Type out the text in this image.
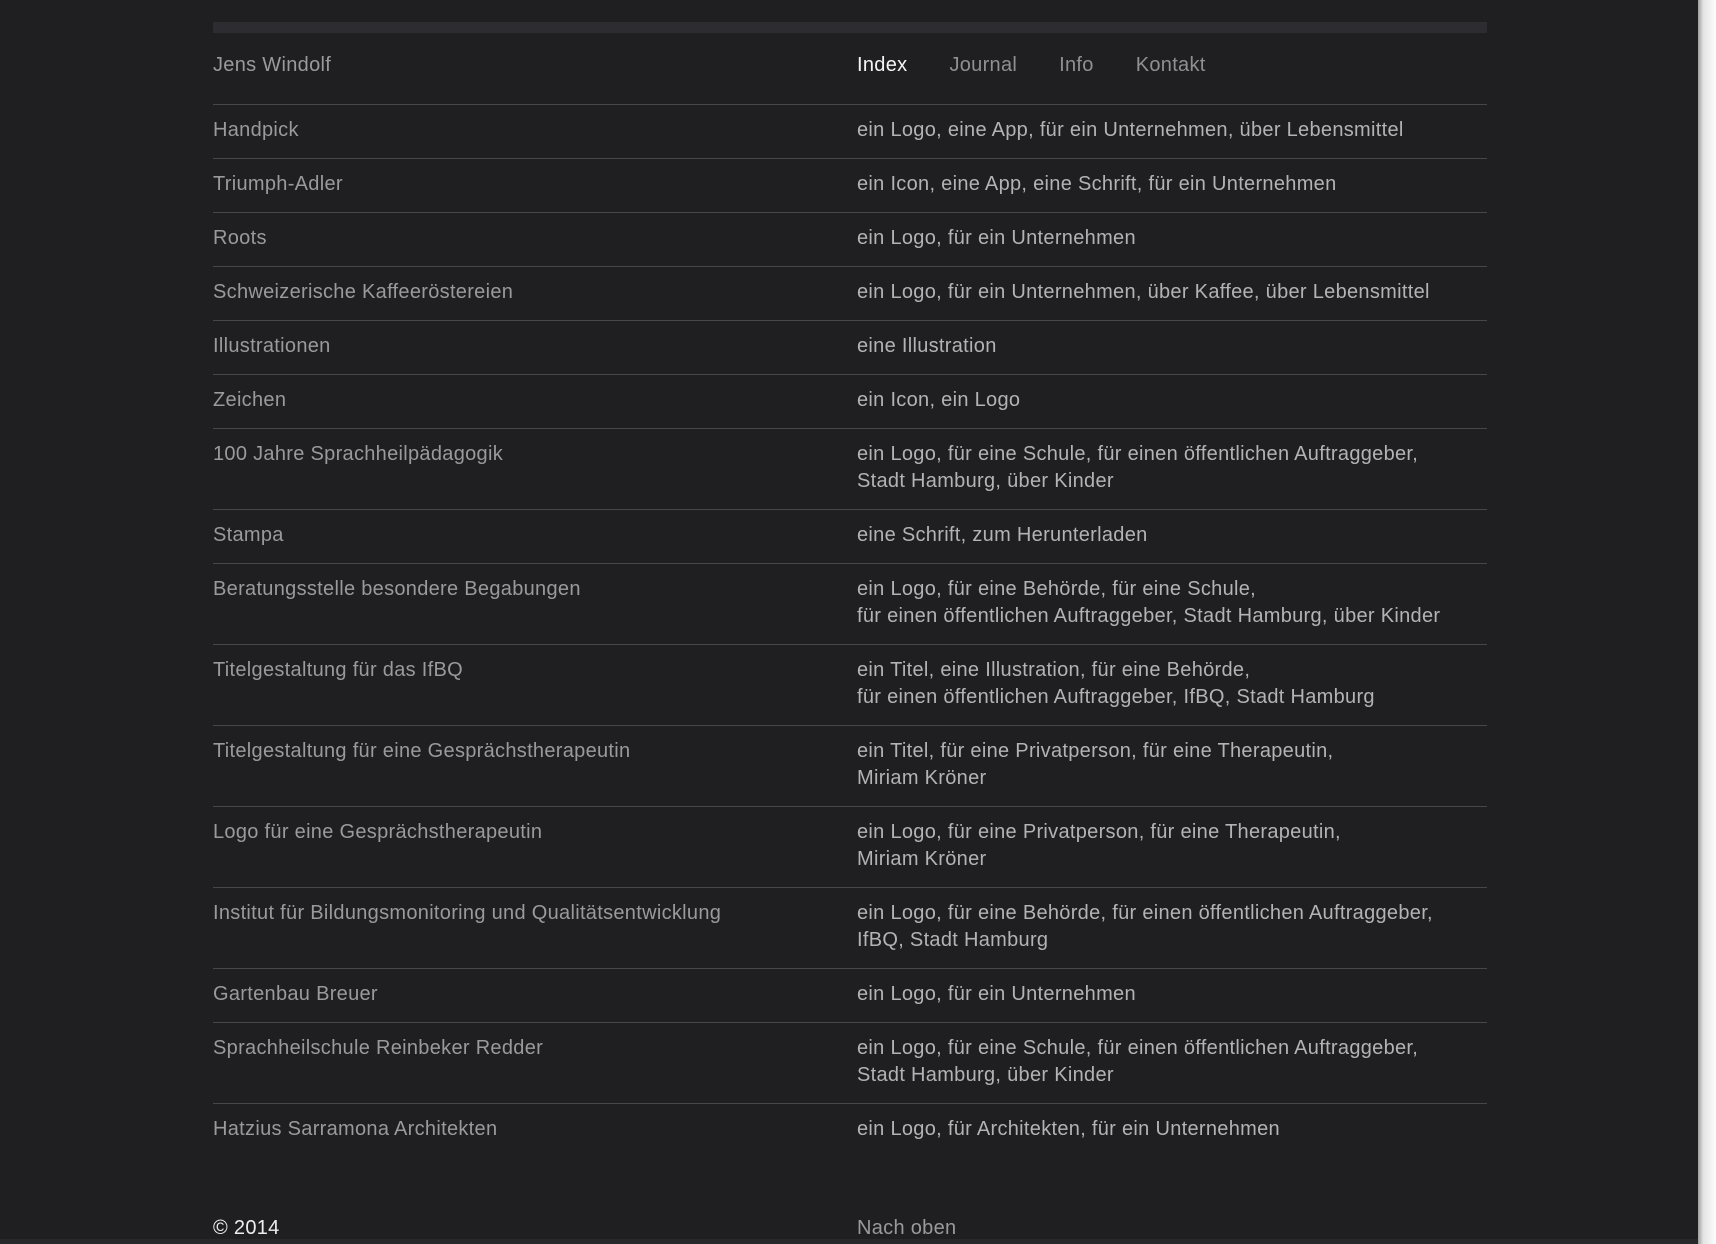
Jens Windolf	Index Journal Info Kontakt
Handpick	ein Logo, eine App, für ein Unternehmen, über Lebensmittel
Triumph-Adler	ein Icon, eine App, eine Schrift, für ein Unternehmen
Roots	ein Logo, für ein Unternehmen
Schweizerische Kaffeeröstereien	ein Logo, für ein Unternehmen, über Kaffee, über Lebensmittel
Illustrationen	eine Illustration
Zeichen	ein Icon, ein Logo
100 Jahre Sprachheilpädagogik	ein Logo, für eine Schule, für einen öffentlichen Auftraggeber,
Stadt Hamburg, über Kinder
Stampa	eine Schrift, zum Herunterladen
Beratungsstelle besondere Begabungen	ein Logo, für eine Behörde, für eine Schule,
für einen öffentlichen Auftraggeber, Stadt Hamburg, über Kinder
Titelgestaltung für das IfBQ	ein Titel, eine Illustration, für eine Behörde,
für einen öffentlichen Auftraggeber, IfBQ, Stadt Hamburg
Titelgestaltung für eine Gesprächstherapeutin	ein Titel, für eine Privatperson, für eine Therapeutin,
Miriam Kröner
Logo für eine Gesprächstherapeutin	ein Logo, für eine Privatperson, für eine Therapeutin,
Miriam Kröner
Institut für Bildungsmonitoring und Qualitätsentwicklung	ein Logo, für eine Behörde, für einen öffentlichen Auftraggeber,
IfBQ, Stadt Hamburg
Gartenbau Breuer	ein Logo, für ein Unternehmen
Sprachheilschule Reinbeker Redder	ein Logo, für eine Schule, für einen öffentlichen Auftraggeber,
Stadt Hamburg, über Kinder
Hatzius Sarramona Architekten	ein Logo, für Architekten, für ein Unternehmen
© 2014	Nach oben
